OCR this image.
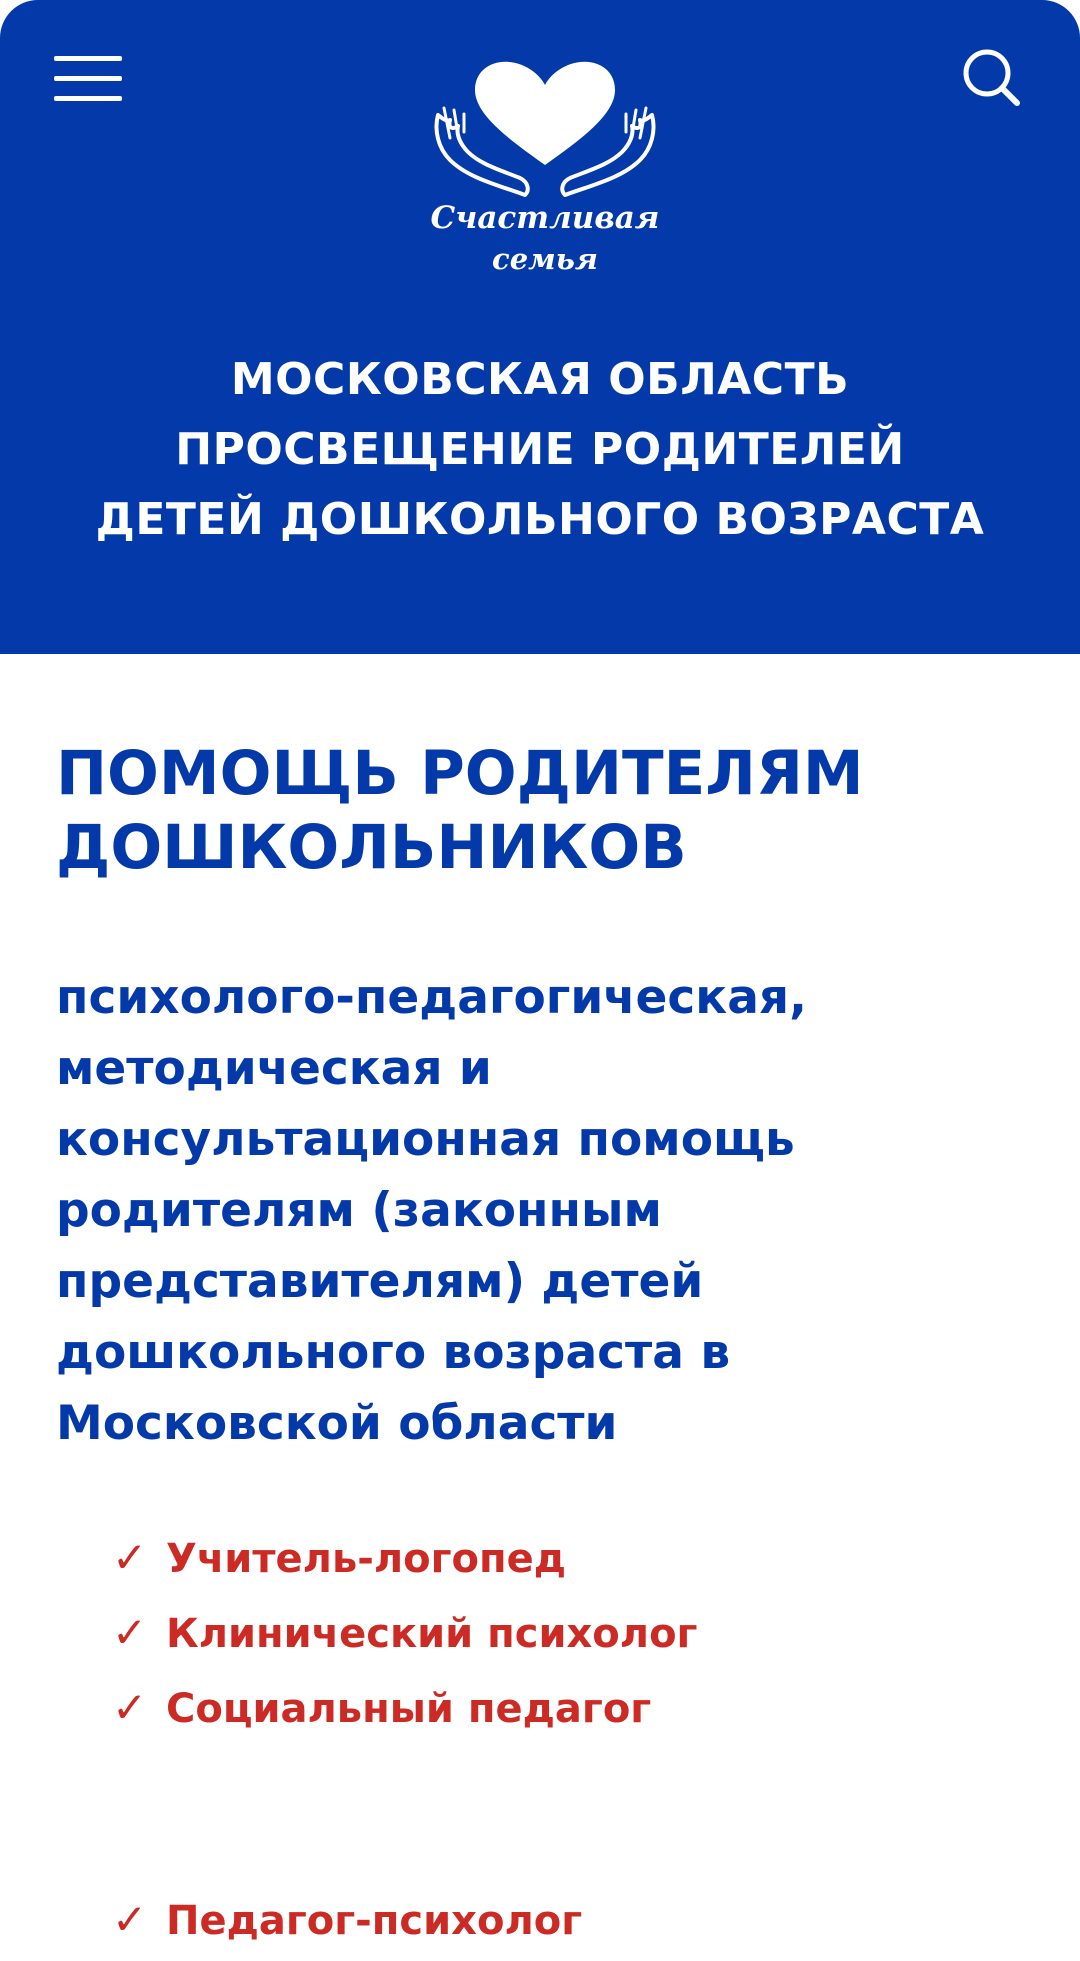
Счастливая
семья
МОСКОВСКАЯ ОБЛАСТЬ
ПРОСВЕЩЕНИЕ РОДИТЕЛЕЙ
ДЕТЕЙ ДОШКОЛЬНОГО ВОЗРАСТА
ПОМОЩЬ РОДИТЕЛЯМ
ДОШКОЛЬНИКОВ
психолого-педагогическая,
методическая и
консультационная помощь
родителям (законным
представителям) детей
дошкольного возраста в
Московской области
✓ Учитель-логопед
✓ Клинический психолог
✓ Социальный педагог
✓ Педагог-психолог
